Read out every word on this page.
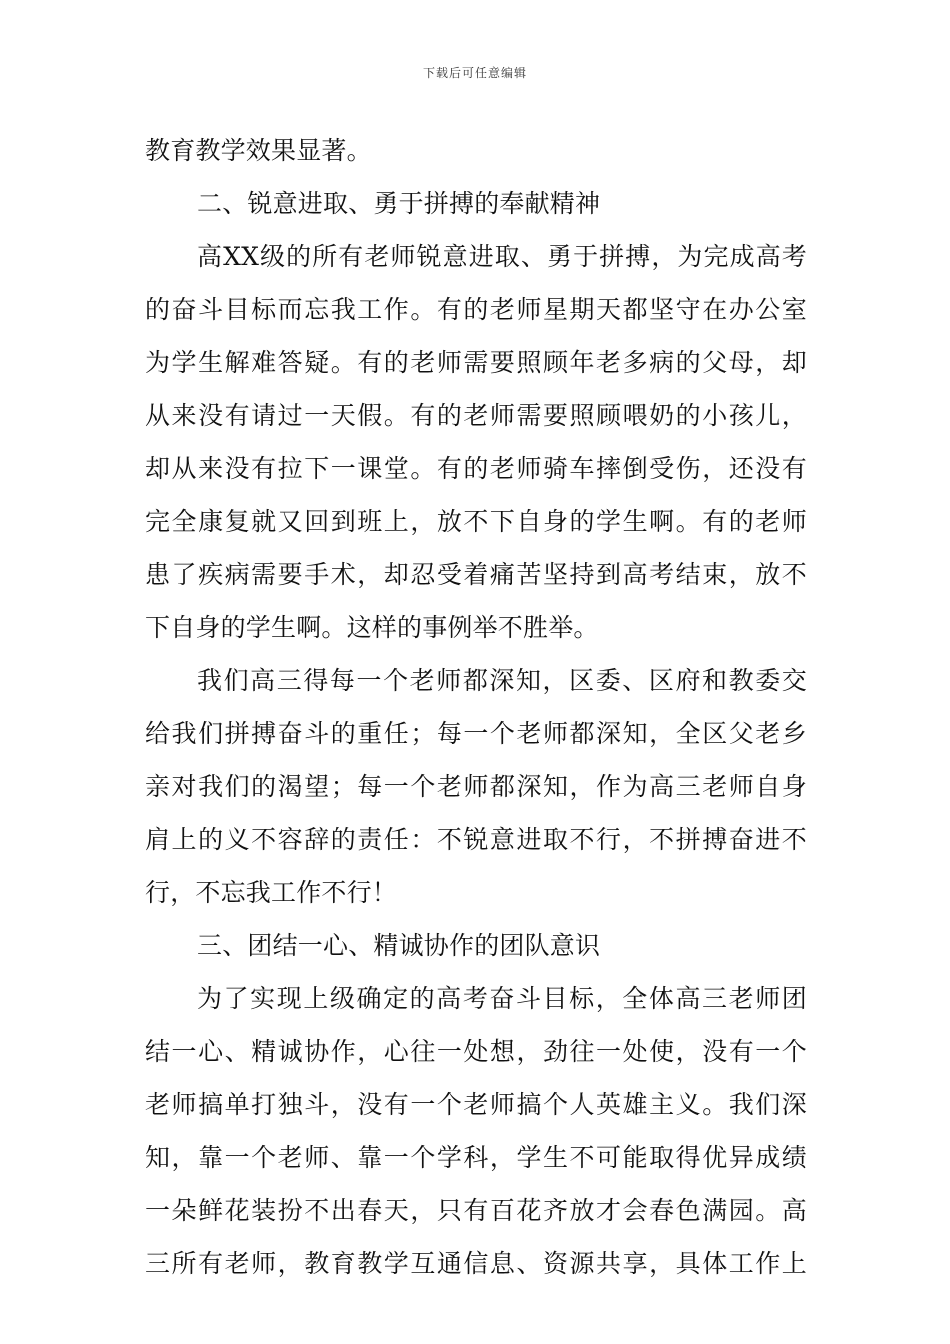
下载后可任意编辑
教育教学效果显著。
二、锐意进取、勇于拼搏的奉献精神
高XX级的所有老师锐意进取、勇于拼搏，为完成高考
的奋斗目标而忘我工作。有的老师星期天都坚守在办公室
为学生解难答疑。有的老师需要照顾年老多病的父母，却
从来没有请过一天假。有的老师需要照顾喂奶的小孩儿，
却从来没有拉下一课堂。有的老师骑车摔倒受伤，还没有
完全康复就又回到班上，放不下自身的学生啊。有的老师
患了疾病需要手术，却忍受着痛苦坚持到高考结束，放不
下自身的学生啊。这样的事例举不胜举。
我们高三得每一个老师都深知，区委、区府和教委交
给我们拼搏奋斗的重任；每一个老师都深知，全区父老乡
亲对我们的渴望；每一个老师都深知，作为高三老师自身
肩上的义不容辞的责任：不锐意进取不行，不拼搏奋进不
行，不忘我工作不行！
三、团结一心、精诚协作的团队意识
为了实现上级确定的高考奋斗目标，全体高三老师团
结一心、精诚协作，心往一处想，劲往一处使，没有一个
老师搞单打独斗，没有一个老师搞个人英雄主义。我们深
知，靠一个老师、靠一个学科，学生不可能取得优异成绩
一朵鲜花装扮不出春天，只有百花齐放才会春色满园。高
三所有老师，教育教学互通信息、资源共享，具体工作上
